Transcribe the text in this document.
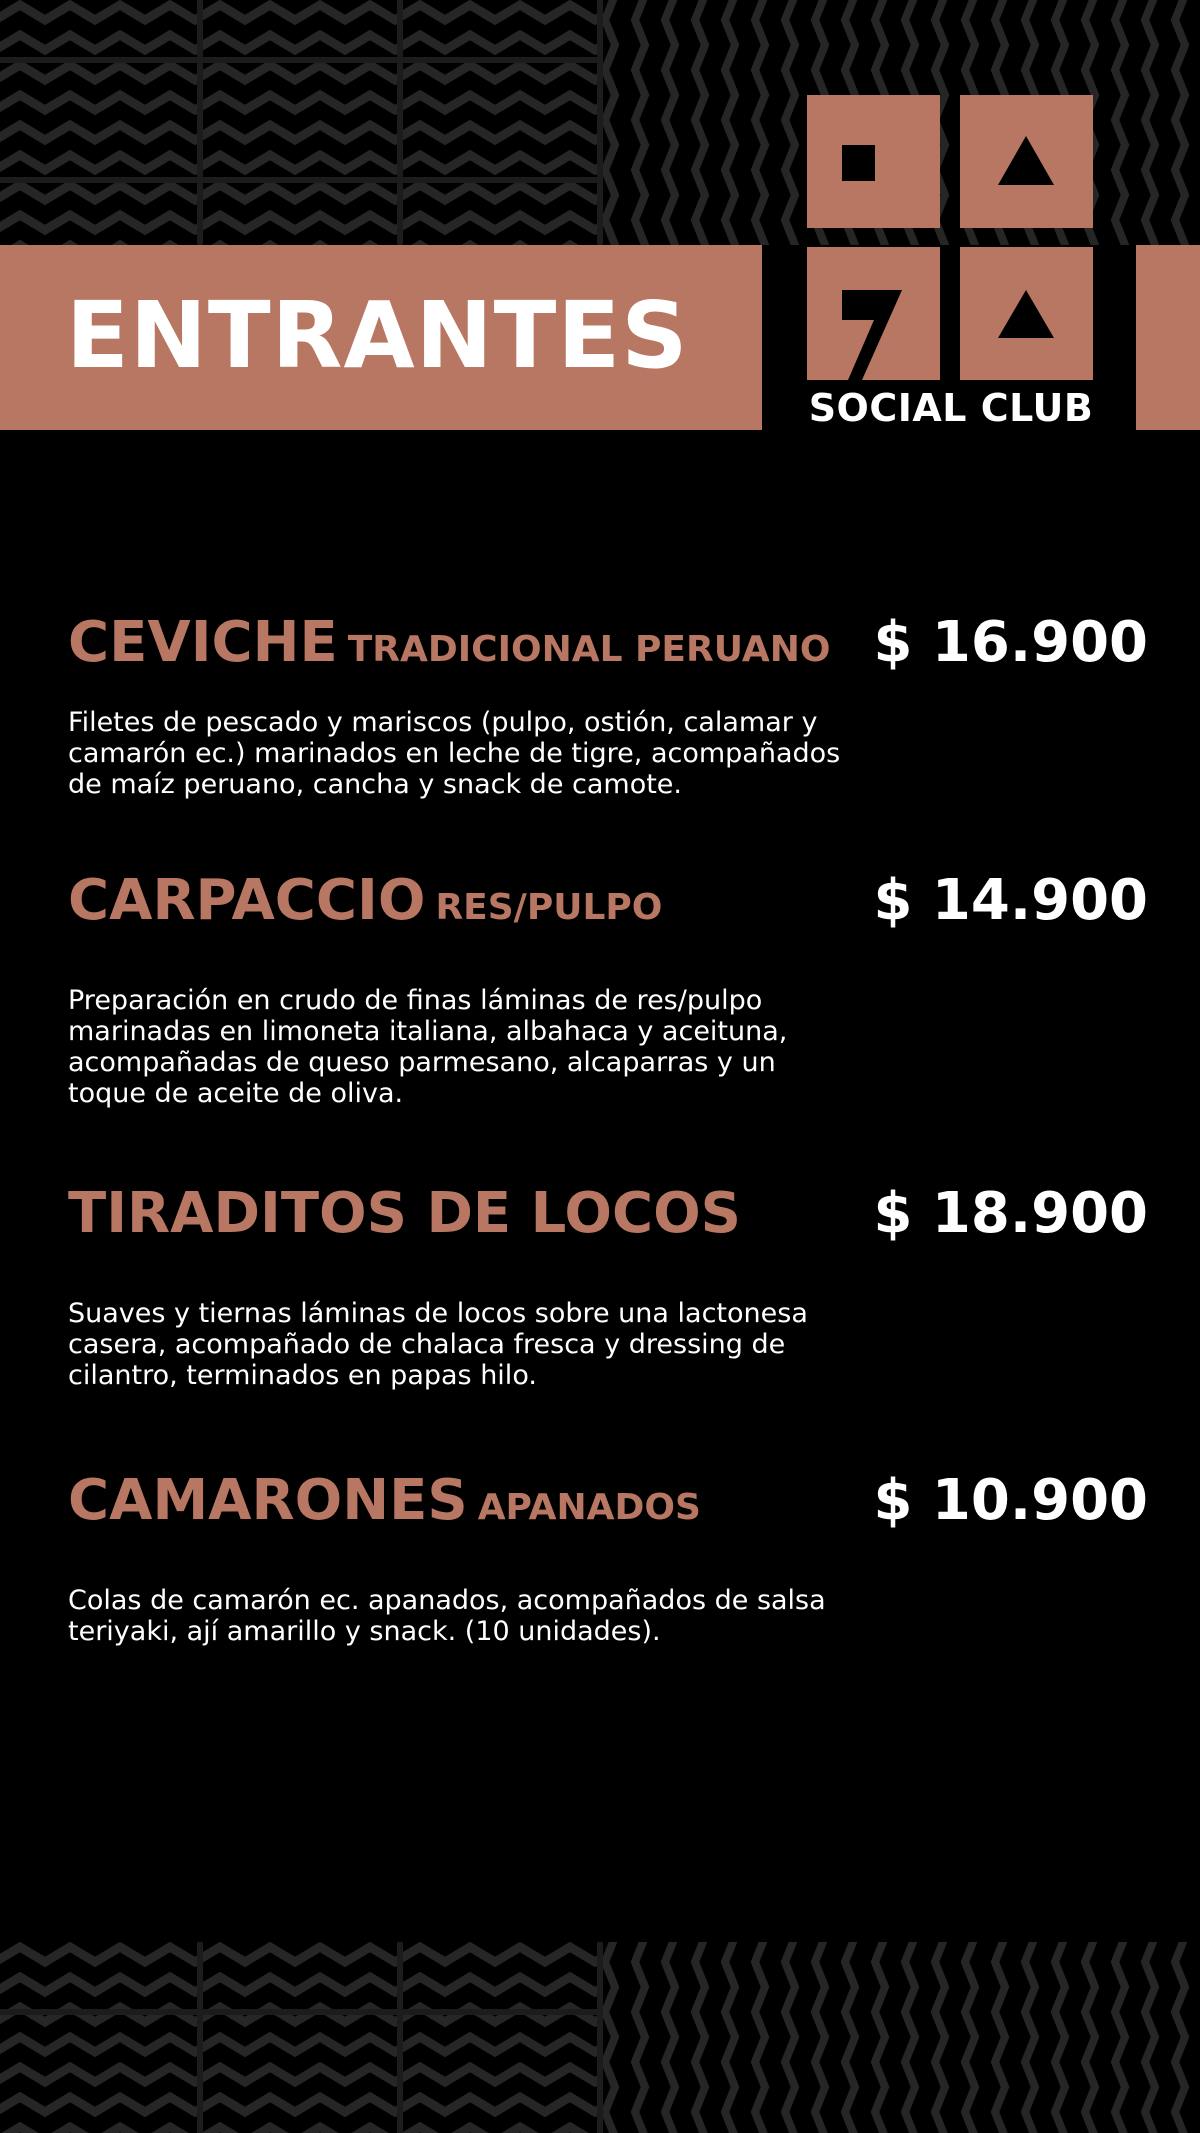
ENTRANTES
SOCIAL CLUB
CEVICHE TRADICIONAL PERUANO $ 16.900
Filetes de pescado y mariscos (pulpo, ostión, calamar y
camarón ec.) marinados en leche de tigre, acompañados
de maíz peruano, cancha y snack de camote.
CARPACCIO RES/PULPO	$ 14.900
Preparación en crudo de finas láminas de res/pulpo
marinadas en limoneta italiana, albahaca y aceituna,
acompañadas de queso parmesano, alcaparras y un
toque de aceite de oliva.
TIRADITOS DE LOCOS $ 18.900
Suaves y tiernas láminas de locos sobre una lactonesa
casera, acompañado de chalaca fresca y dressing de
cilantro, terminados en papas hilo.
CAMARONES APANADOS	$ 10.900
Colas de camarón ec. apanados, acompañados de salsa
teriyaki, ají amarillo y snack. (10 unidades).
